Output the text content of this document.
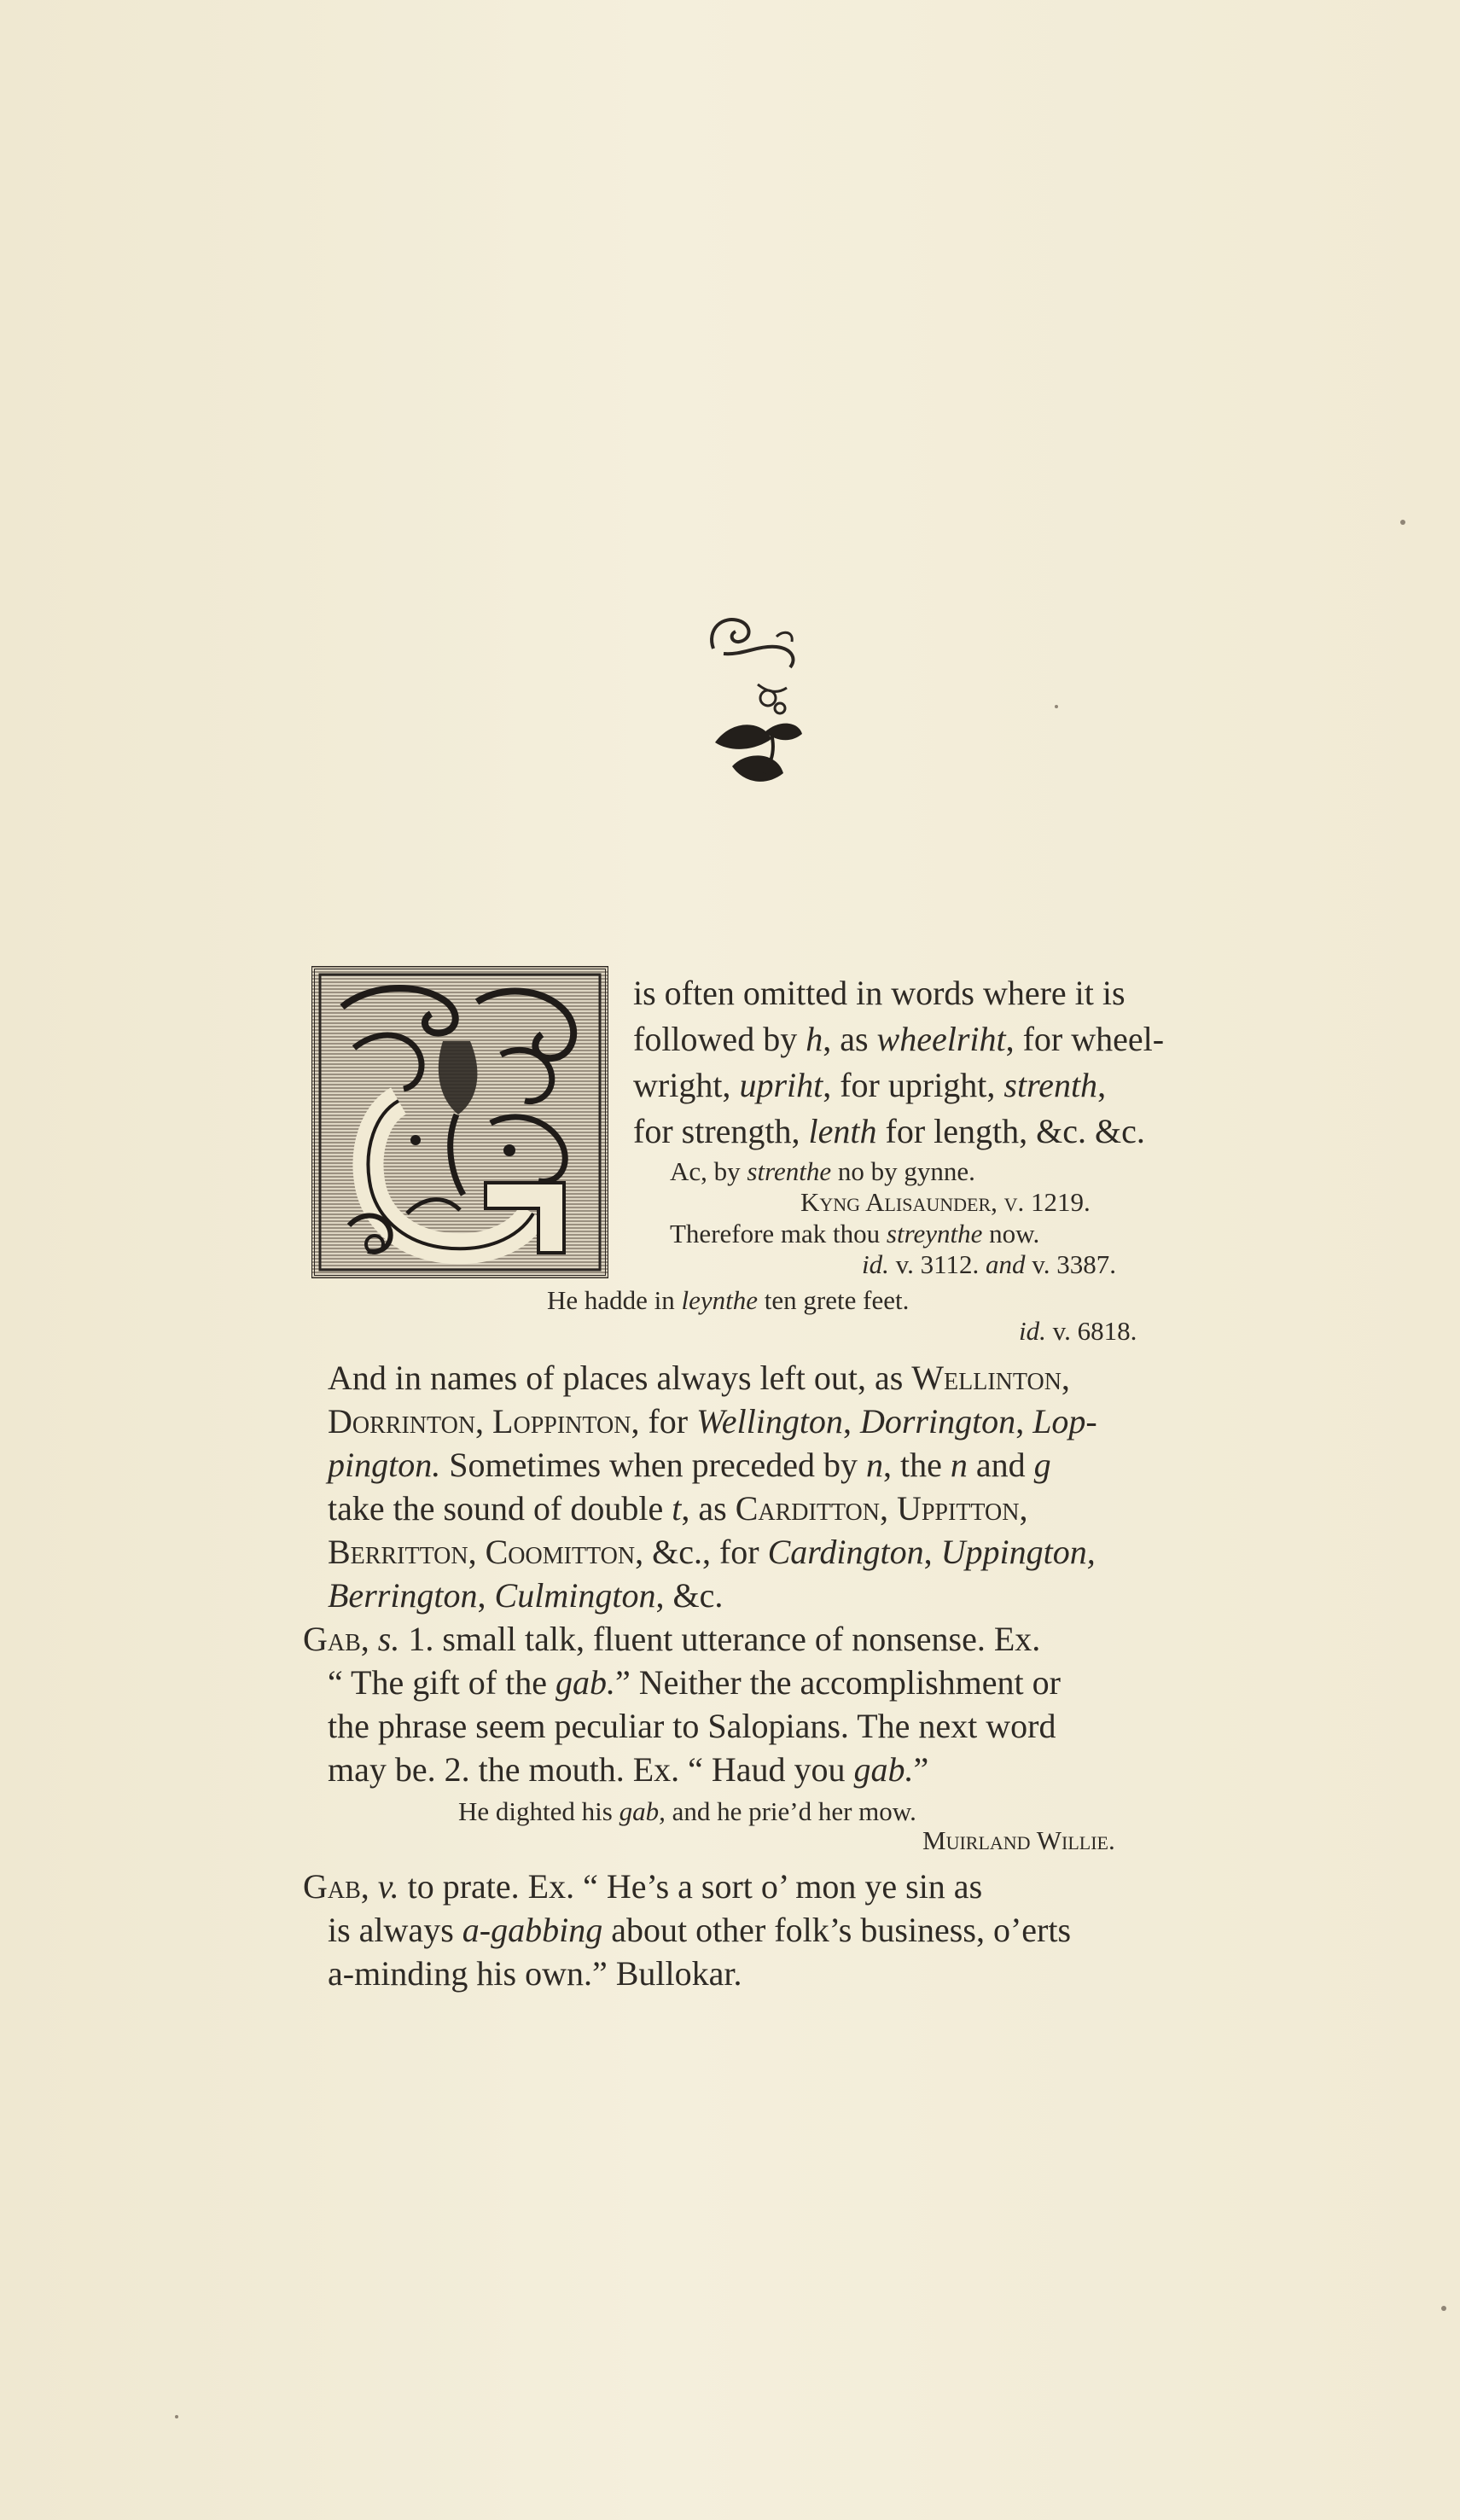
is often omitted in words where it is
followed by h, as wheelriht, for wheel-
wright, upriht, for upright, strenth,
for strength, lenth for length, &c. &c.
Ac, by strenthe no by gynne.
Kyng Alisaunder, v. 1219.
Therefore mak thou streynthe now.
id. v. 3112. and v. 3387.
He hadde in leynthe ten grete feet.
id. v. 6818.
And in names of places always left out, as Wellinton,
Dorrinton, Loppinton, for Wellington, Dorrington, Lop-
pington. Sometimes when preceded by n, the n and g
take the sound of double t, as Carditton, Uppitton,
Berritton, Coomitton, &c., for Cardington, Uppington,
Berrington, Culmington, &c.
Gab, s. 1. small talk, fluent utterance of nonsense. Ex.
“ The gift of the gab.” Neither the accomplishment or
the phrase seem peculiar to Salopians. The next word
may be. 2. the mouth. Ex. “ Haud you gab.”
He dighted his gab, and he prie’d her mow.
Muirland Willie.
Gab, v. to prate. Ex. “ He’s a sort o’ mon ye sin as
is always a-gabbing about other folk’s business, o’erts
a-minding his own.” Bullokar.
